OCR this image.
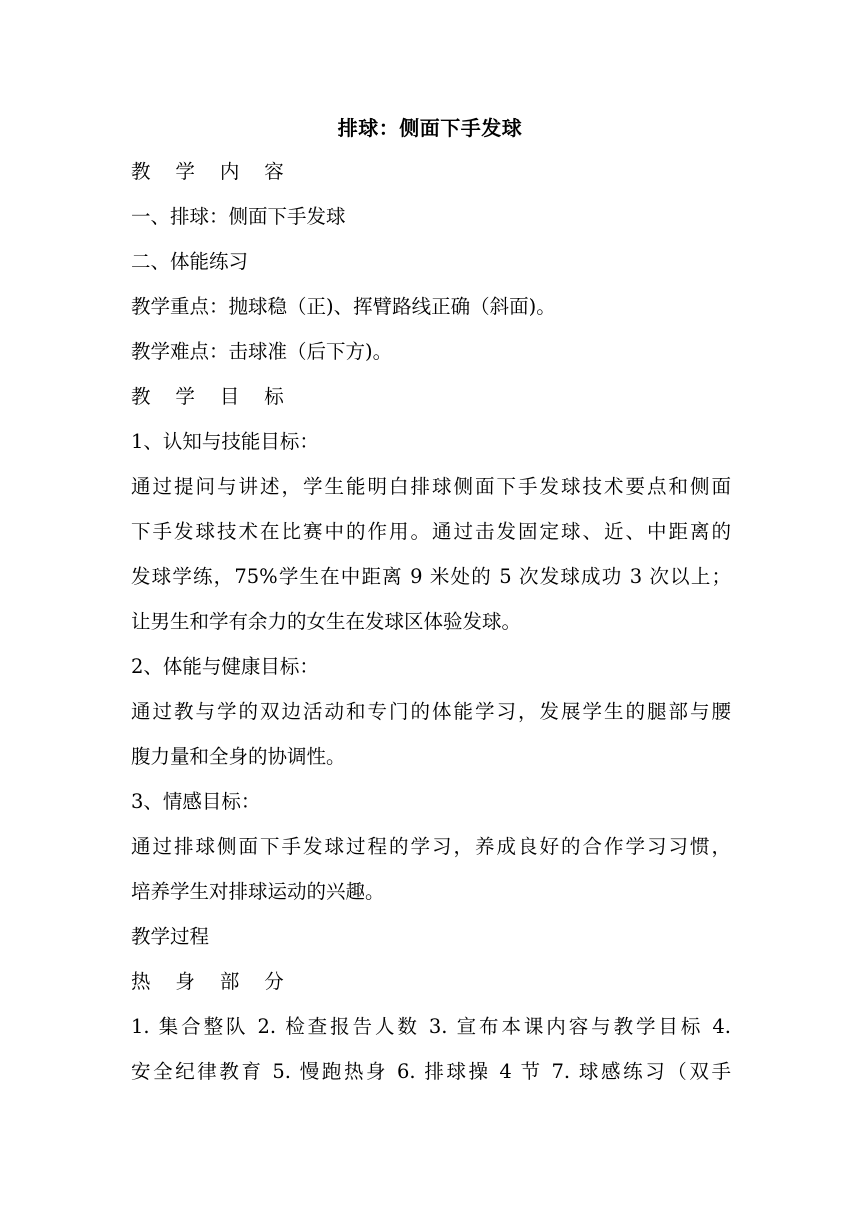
排球：侧面下手发球
教 学 内 容
一、排球：侧面下手发球
二、体能练习
教学重点：抛球稳（正)、挥臂路线正确（斜面)。
教学难点：击球准（后下方)。
教 学 目 标
1、认知与技能目标：
通过提问与讲述，学生能明白排球侧面下手发球技术要点和侧面
下手发球技术在比赛中的作用。通过击发固定球、近、中距离的
发球学练，75%学生在中距离 9 米处的 5 次发球成功 3 次以上；
让男生和学有余力的女生在发球区体验发球。
2、体能与健康目标：
通过教与学的双边活动和专门的体能学习，发展学生的腿部与腰
腹力量和全身的协调性。
3、情感目标：
通过排球侧面下手发球过程的学习，养成良好的合作学习习惯，
培养学生对排球运动的兴趣。
教学过程
热 身 部 分
1. 集合整队 2. 检查报告人数 3. 宣布本课内容与教学目标 4.
安全纪律教育 5. 慢跑热身 6. 排球操 4 节 7. 球感练习（双手
